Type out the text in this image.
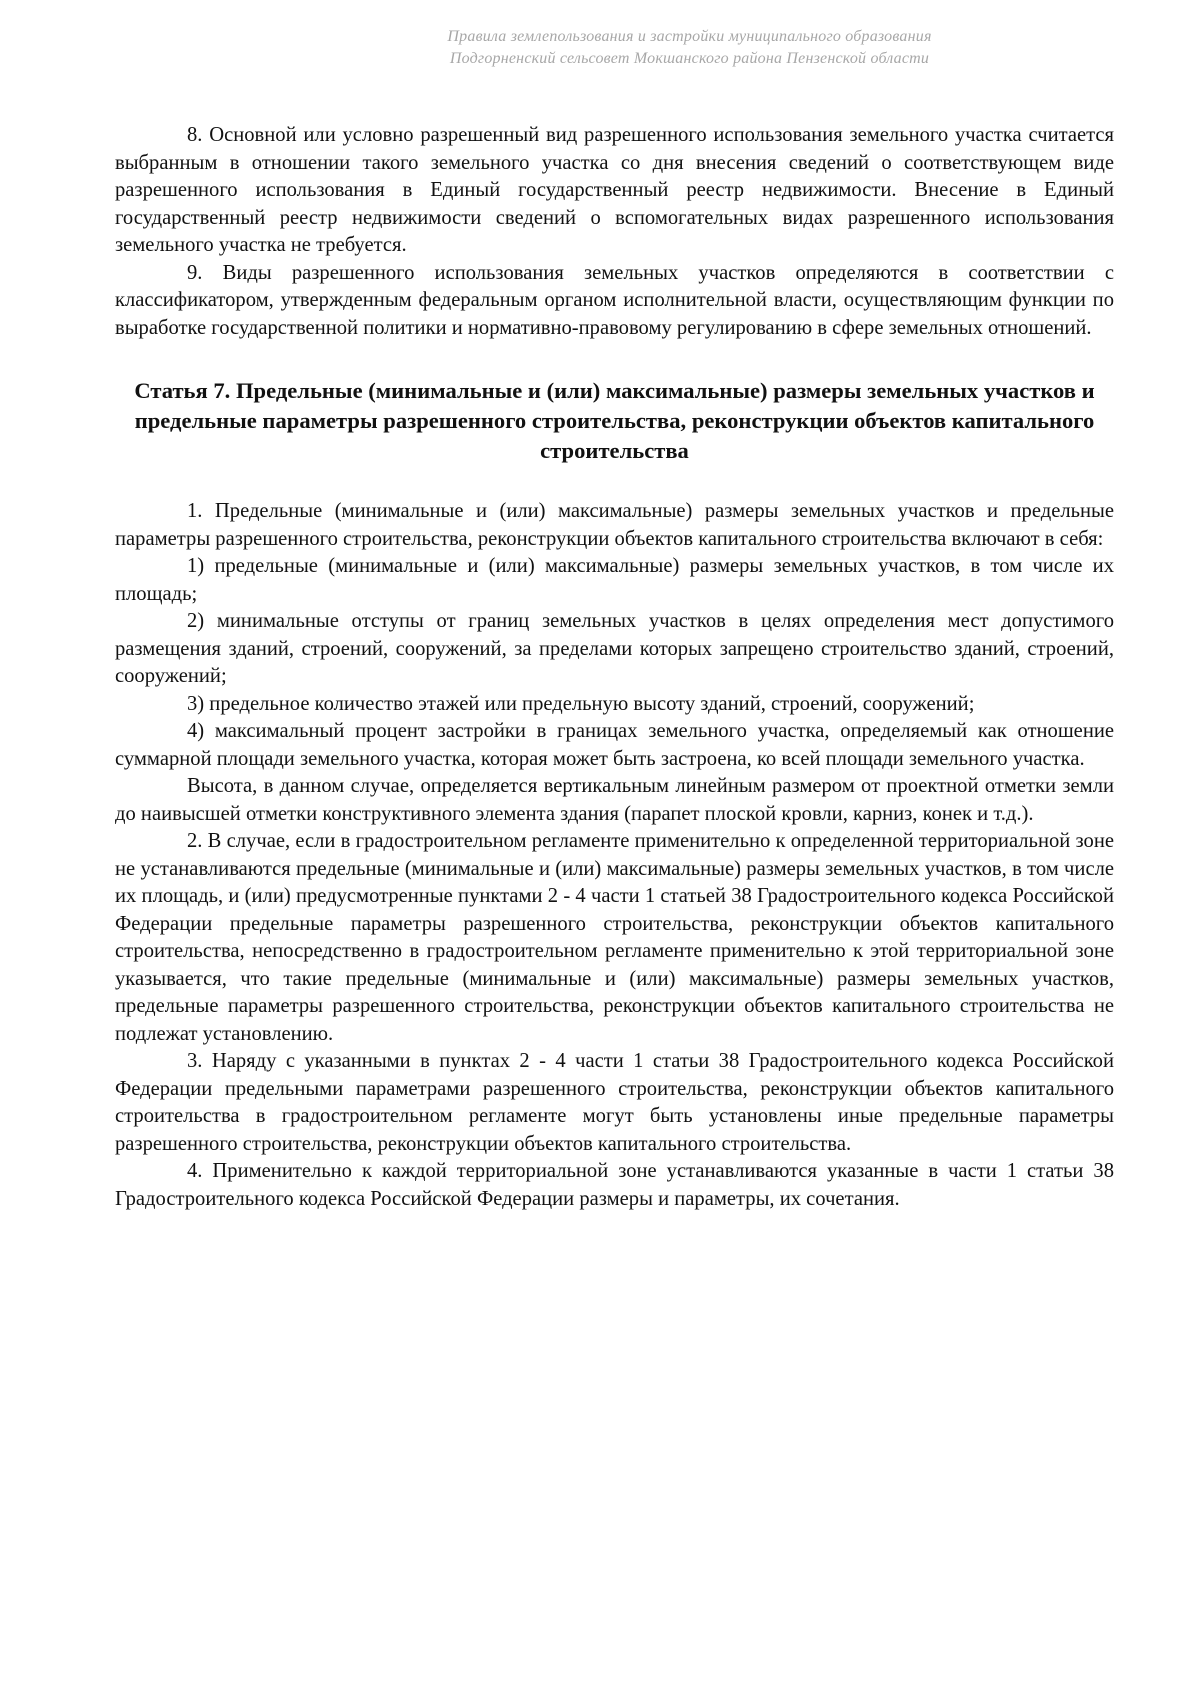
Правила землепользования и застройки муниципального образования
Подгорненский сельсовет Мокшанского района Пензенской области

8. Основной или условно разрешенный вид разрешенного использования земельного участка считается выбранным в отношении такого земельного участка со дня внесения сведений о соответствующем виде разрешенного использования в Единый государственный реестр недвижимости. Внесение в Единый государственный реестр недвижимости сведений о вспомогательных видах разрешенного использования земельного участка не требуется.

9. Виды разрешенного использования земельных участков определяются в соответствии с классификатором, утвержденным федеральным органом исполнительной власти, осуществляющим функции по выработке государственной политики и нормативно-правовому регулированию в сфере земельных отношений.

Статья 7. Предельные (минимальные и (или) максимальные) размеры земельных участков и предельные параметры разрешенного строительства, реконструкции объектов капитального строительства

1. Предельные (минимальные и (или) максимальные) размеры земельных участков и предельные параметры разрешенного строительства, реконструкции объектов капитального строительства включают в себя:

1) предельные (минимальные и (или) максимальные) размеры земельных участков, в том числе их площадь;

2) минимальные отступы от границ земельных участков в целях определения мест допустимого размещения зданий, строений, сооружений, за пределами которых запрещено строительство зданий, строений, сооружений;

3) предельное количество этажей или предельную высоту зданий, строений, сооружений;

4) максимальный процент застройки в границах земельного участка, определяемый как отношение суммарной площади земельного участка, которая может быть застроена, ко всей площади земельного участка.

Высота, в данном случае, определяется вертикальным линейным размером от проектной отметки земли до наивысшей отметки конструктивного элемента здания (парапет плоской кровли, карниз, конек и т.д.).

2. В случае, если в градостроительном регламенте применительно к определенной территориальной зоне не устанавливаются предельные (минимальные и (или) максимальные) размеры земельных участков, в том числе их площадь, и (или) предусмотренные пунктами 2 - 4 части 1 статьей 38 Градостроительного кодекса Российской Федерации предельные параметры разрешенного строительства, реконструкции объектов капитального строительства, непосредственно в градостроительном регламенте применительно к этой территориальной зоне указывается, что такие предельные (минимальные и (или) максимальные) размеры земельных участков, предельные параметры разрешенного строительства, реконструкции объектов капитального строительства не подлежат установлению.

3. Наряду с указанными в пунктах 2 - 4 части 1 статьи 38 Градостроительного кодекса Российской Федерации предельными параметрами разрешенного строительства, реконструкции объектов капитального строительства в градостроительном регламенте могут быть установлены иные предельные параметры разрешенного строительства, реконструкции объектов капитального строительства.

4. Применительно к каждой территориальной зоне устанавливаются указанные в части 1 статьи 38 Градостроительного кодекса Российской Федерации размеры и параметры, их сочетания.
